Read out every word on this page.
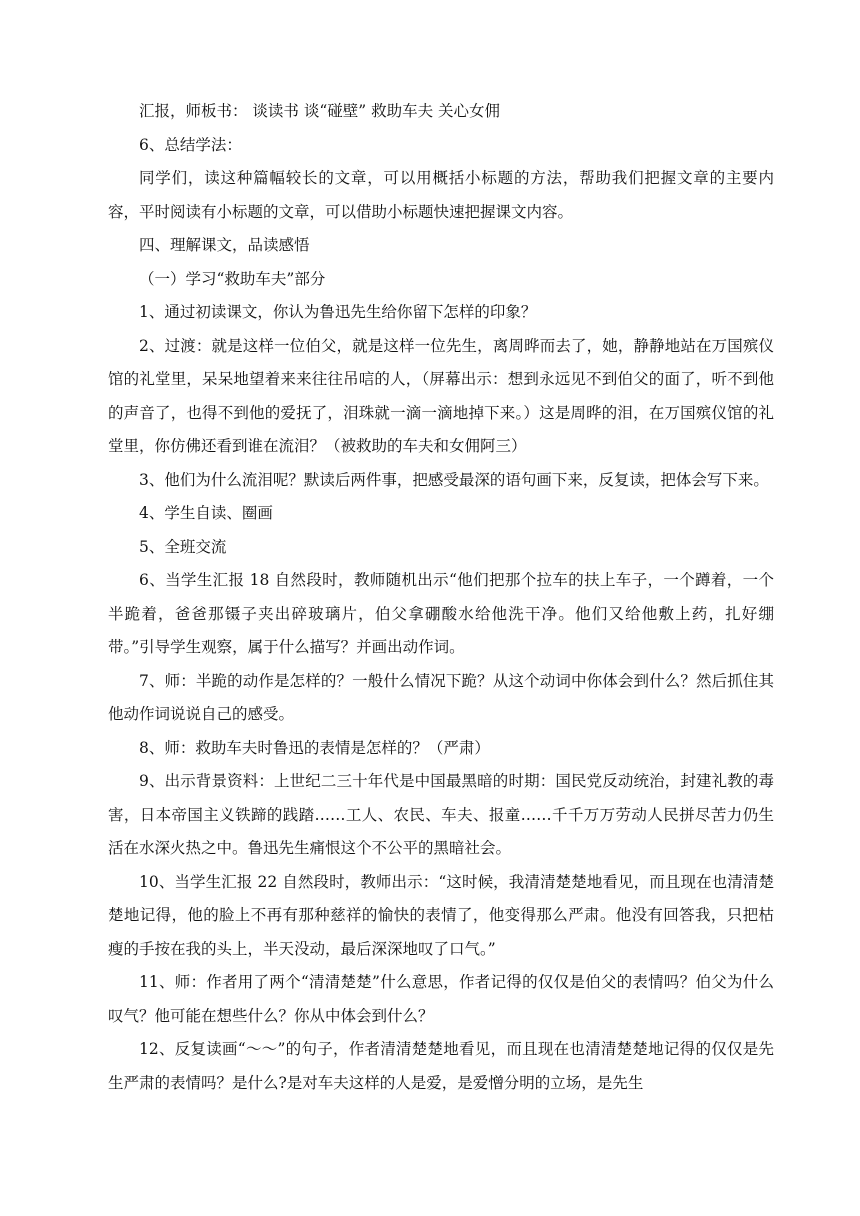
汇报，师板书： 谈读书 谈“碰壁” 救助车夫 关心女佣

6、总结学法：

同学们，读这种篇幅较长的文章，可以用概括小标题的方法，帮助我们把握文章的主要内容，平时阅读有小标题的文章，可以借助小标题快速把握课文内容。

四、理解课文，品读感悟

（一）学习“救助车夫”部分

1、通过初读课文，你认为鲁迅先生给你留下怎样的印象？

2、过渡：就是这样一位伯父，就是这样一位先生，离周晔而去了，她，静静地站在万国殡仪馆的礼堂里，呆呆地望着来来往往吊唁的人，（屏幕出示：想到永远见不到伯父的面了，听不到他的声音了，也得不到他的爱抚了，泪珠就一滴一滴地掉下来。）这是周晔的泪，在万国殡仪馆的礼堂里，你仿佛还看到谁在流泪？（被救助的车夫和女佣阿三）

3、他们为什么流泪呢？默读后两件事，把感受最深的语句画下来，反复读，把体会写下来。

4、学生自读、圈画

5、全班交流

6、当学生汇报 18 自然段时，教师随机出示“他们把那个拉车的扶上车子，一个蹲着，一个半跪着，爸爸那镊子夹出碎玻璃片，伯父拿硼酸水给他洗干净。他们又给他敷上药，扎好绷带。”引导学生观察，属于什么描写？并画出动作词。

7、师：半跪的动作是怎样的？一般什么情况下跪？从这个动词中你体会到什么？然后抓住其他动作词说说自己的感受。

8、师：救助车夫时鲁迅的表情是怎样的？（严肃）

9、出示背景资料：上世纪二三十年代是中国最黑暗的时期：国民党反动统治，封建礼教的毒害，日本帝国主义铁蹄的践踏……工人、农民、车夫、报童……千千万万劳动人民拼尽苦力仍生活在水深火热之中。鲁迅先生痛恨这个不公平的黑暗社会。

10、当学生汇报 22 自然段时，教师出示：“这时候，我清清楚楚地看见，而且现在也清清楚楚地记得，他的脸上不再有那种慈祥的愉快的表情了，他变得那么严肃。他没有回答我，只把枯瘦的手按在我的头上，半天没动，最后深深地叹了口气。”

11、师：作者用了两个“清清楚楚”什么意思，作者记得的仅仅是伯父的表情吗？伯父为什么叹气？他可能在想些什么？你从中体会到什么？

12、反复读画“～～”的句子，作者清清楚楚地看见，而且现在也清清楚楚地记得的仅仅是先生严肃的表情吗？是什么?是对车夫这样的人是爱，是爱憎分明的立场，是先生
